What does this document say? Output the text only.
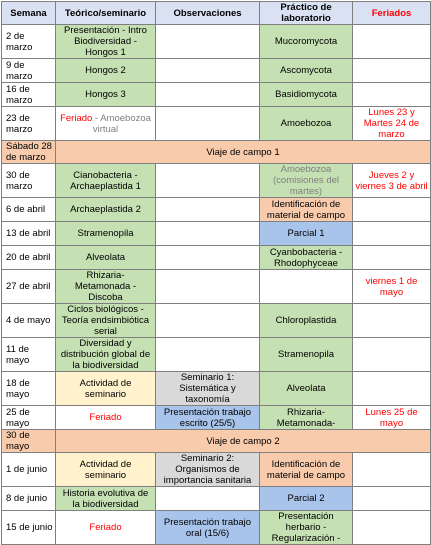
Semana	Teórico/seminario	Observaciones	Práctico de laboratorio	Feriados
2 de marzo	Presentación - Intro Biodiversidad - Hongos 1		Mucoromycota	
9 de marzo	Hongos 2		Ascomycota	
16 de marzo	Hongos 3		Basidiomycota	
23 de marzo	Feriado - Amoebozoa virtual		Amoebozoa	Lunes 23 y Martes 24 de marzo
Sábado 28 de marzo	Viaje de campo 1			
30 de marzo	Cianobacteria - Archaeplastida 1		Amoebozoa (comisiones del martes)	Jueves 2 y viernes 3 de abril
6 de abril	Archaeplastida 2		Identificación de material de campo	
13 de abril	Stramenopila		Parcial 1	
20 de abril	Alveolata		Cyanbobacteria - Rhodophyceae	
27 de abril	Rhizaria- Metamonada - Discoba			viernes 1 de mayo
4 de mayo	Ciclos biológicos - Teoría endsimbiótica serial		Chloroplastida	
11 de mayo	Diversidad y distribución global de la biodiversidad		Stramenopila	
18 de mayo	Actividad de seminario	Seminario 1: Sistemática y taxonomía	Alveolata	
25 de mayo	Feriado	Presentación trabajo escrito (25/5)	Rhizaria- Metamonada-	Lunes 25 de mayo
30 de mayo	Viaje de campo 2			
1 de junio	Actividad de seminario	Seminario 2: Organismos de importancia sanitaria	Identificación de material de campo	
8 de junio	Historia evolutiva de la biodiversidad		Parcial 2	
15 de junio	Feriado	Presentación trabajo oral (15/6)	Presentación herbario - Regularización -	
